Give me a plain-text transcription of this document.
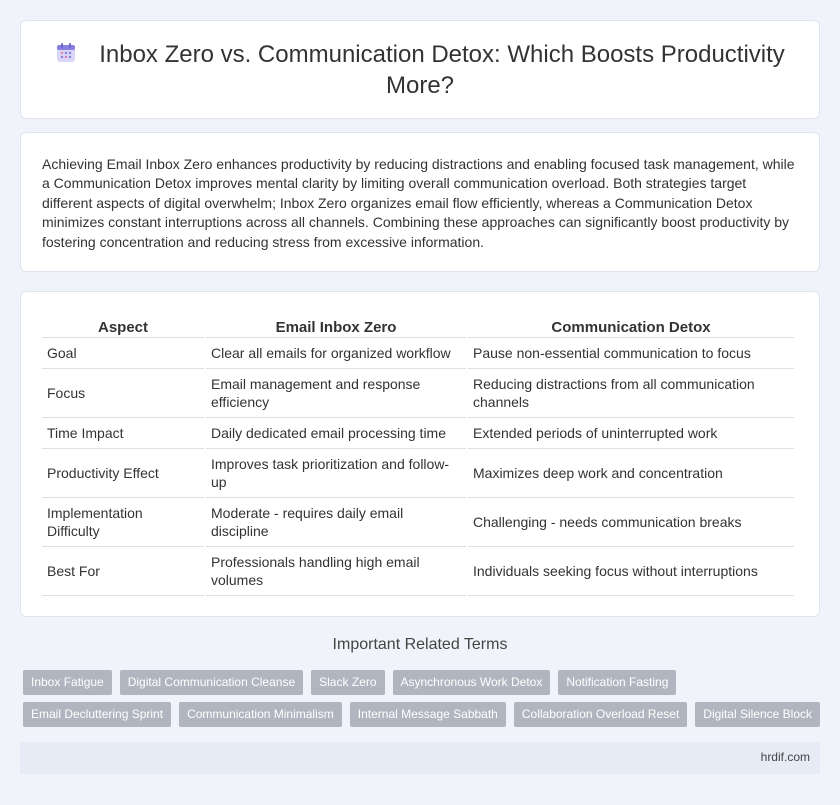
Inbox Zero vs. Communication Detox: Which Boosts Productivity More?

Achieving Email Inbox Zero enhances productivity by reducing distractions and enabling focused task management, while a Communication Detox improves mental clarity by limiting overall communication overload. Both strategies target different aspects of digital overwhelm; Inbox Zero organizes email flow efficiently, whereas a Communication Detox minimizes constant interruptions across all channels. Combining these approaches can significantly boost productivity by fostering concentration and reducing stress from excessive information.

Aspect	Email Inbox Zero	Communication Detox
Goal	Clear all emails for organized workflow	Pause non-essential communication to focus
Focus	Email management and response efficiency	Reducing distractions from all communication channels
Time Impact	Daily dedicated email processing time	Extended periods of uninterrupted work
Productivity Effect	Improves task prioritization and follow-up	Maximizes deep work and concentration
Implementation Difficulty	Moderate - requires daily email discipline	Challenging - needs communication breaks
Best For	Professionals handling high email volumes	Individuals seeking focus without interruptions
Important Related Terms
Inbox Fatigue	Digital Communication Cleanse	Slack Zero	Asynchronous Work Detox	Notification Fasting
Email Decluttering Sprint	Communication Minimalism	Internal Message Sabbath	Collaboration Overload Reset	Digital Silence Block
hrdif.com
